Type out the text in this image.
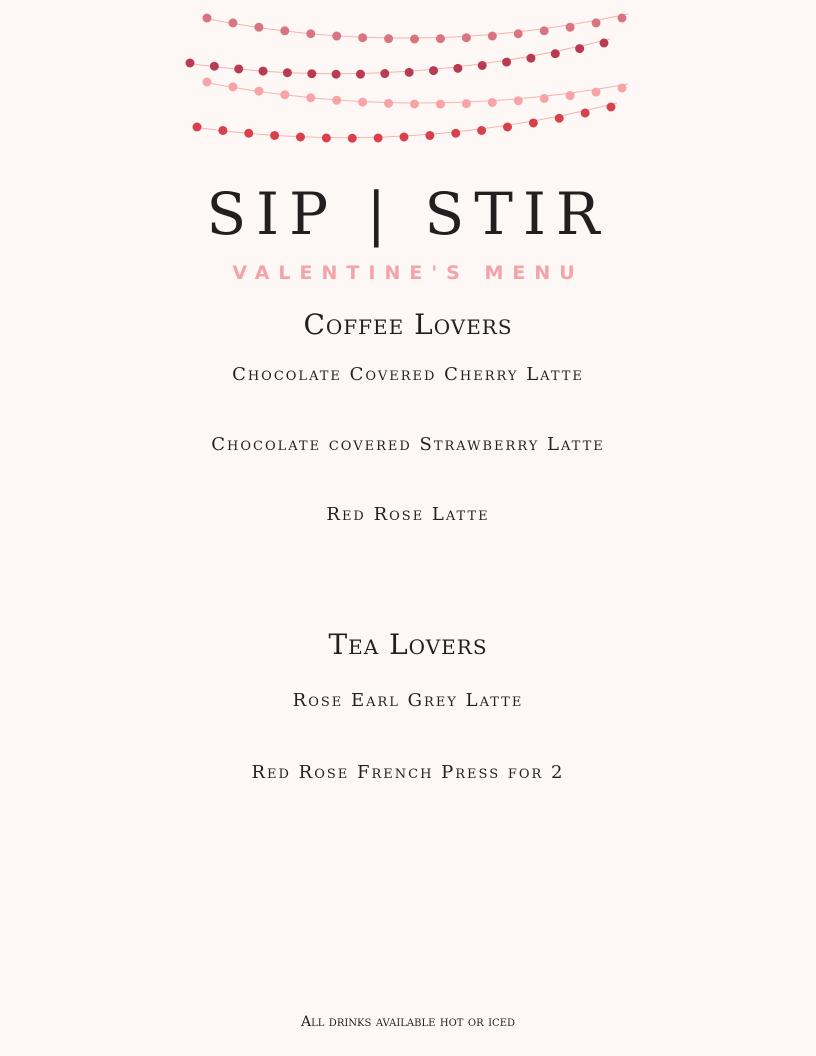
SIP | STIR
VALENTINE'S MENU
Coffee Lovers
Chocolate Covered Cherry Latte
Chocolate covered Strawberry Latte
Red Rose Latte
Tea Lovers
Rose Earl Grey Latte
Red Rose French Press for 2
All drinks available hot or iced
